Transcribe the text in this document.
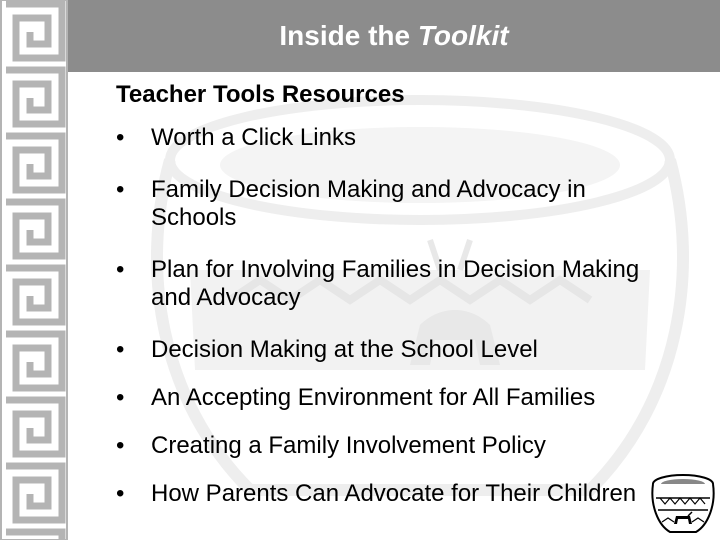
Inside the Toolkit
Teacher Tools Resources
• Worth a Click Links
• Family Decision Making and Advocacy in Schools
• Plan for Involving Families in Decision Making and Advocacy
• Decision Making at the School Level
• An Accepting Environment for All Families
• Creating a Family Involvement Policy
• How Parents Can Advocate for Their Children
